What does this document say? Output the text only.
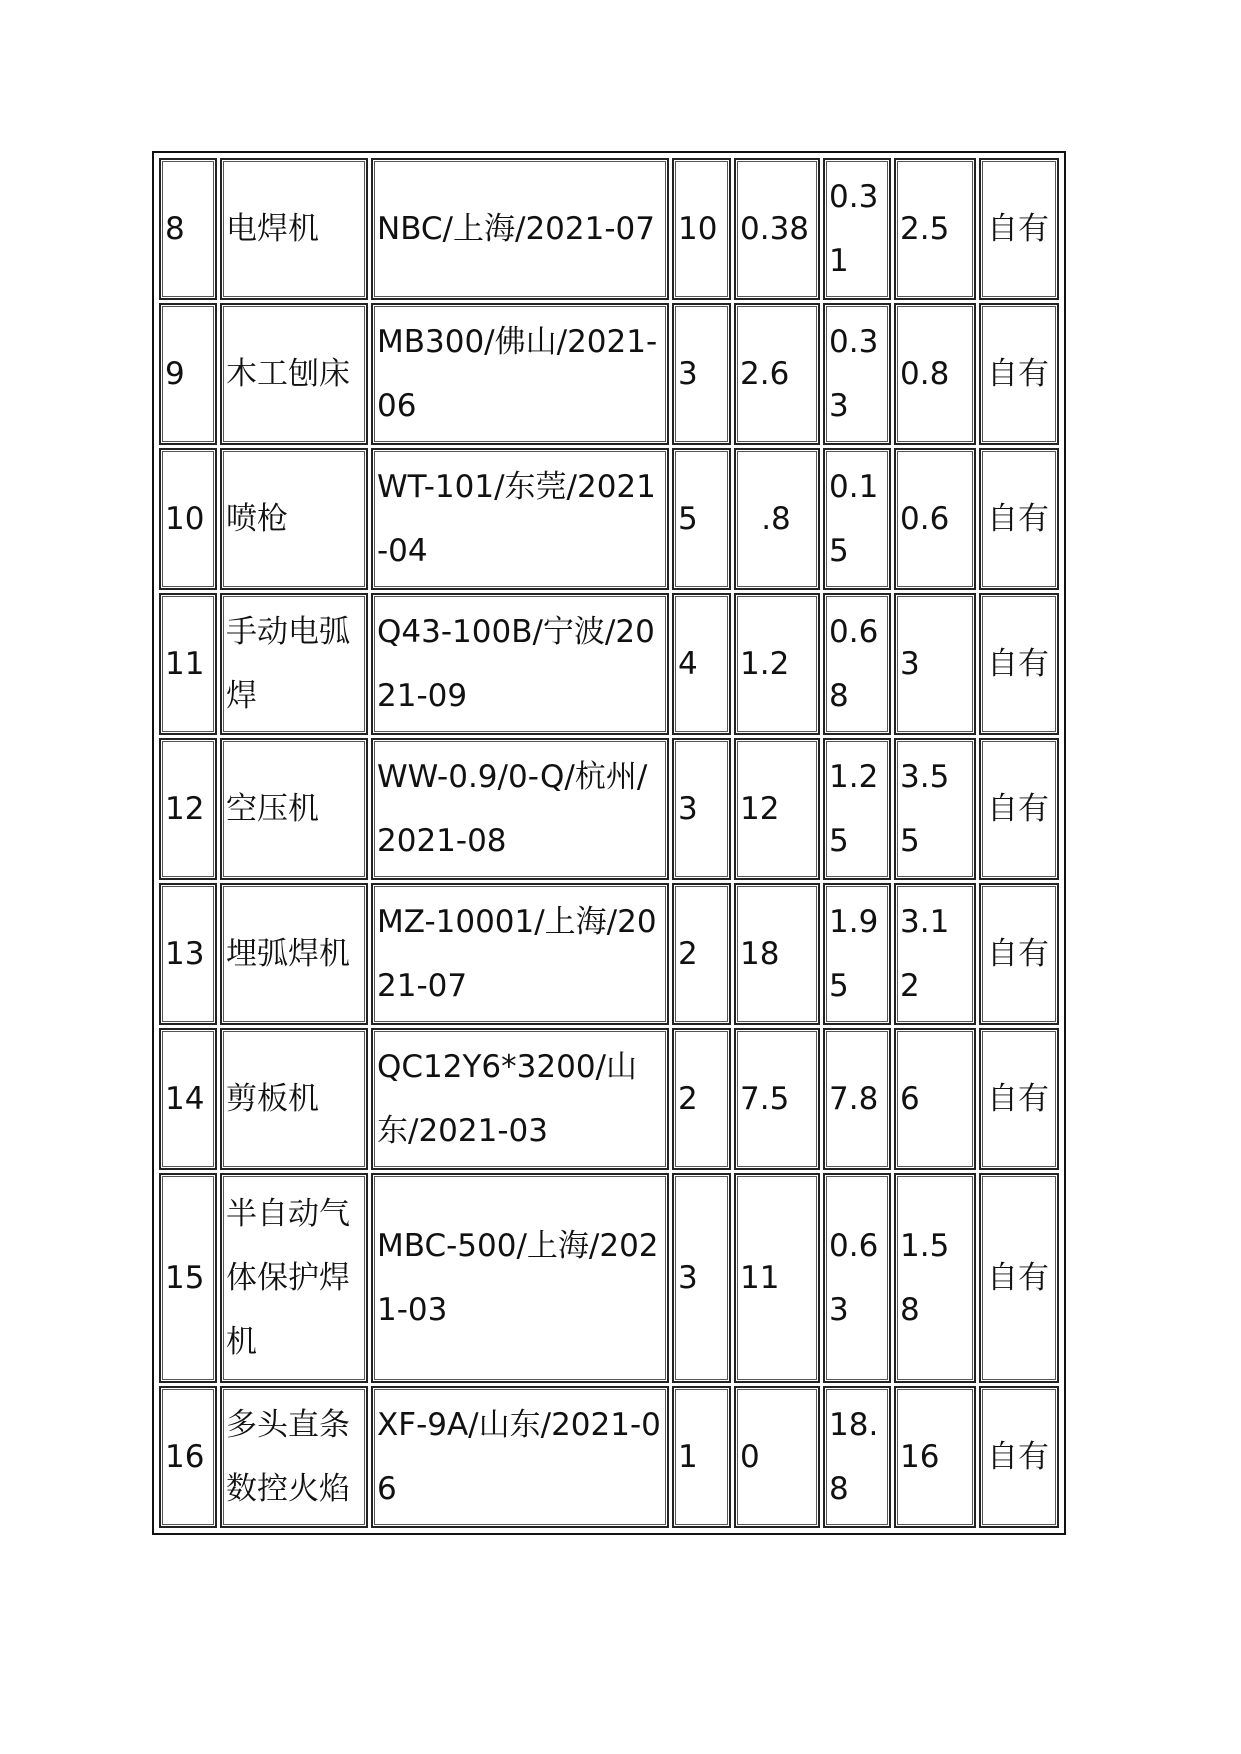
8	电焊机	NBC/上海/2021-07	10	0.38	0.31	2.5	自有
9	木工刨床	MB300/佛山/2021-06	3	2.6	0.33	0.8	自有
10	喷枪	WT-101/东莞/2021-04	5	.8	0.15	0.6	自有
11	手动电弧焊	Q43-100B/宁波/2021-09	4	1.2	0.68	3	自有
12	空压机	WW-0.9/0-Q/杭州/2021-08	3	12	1.25	3.55	自有
13	埋弧焊机	MZ-10001/上海/2021-07	2	18	1.95	3.12	自有
14	剪板机	QC12Y6*3200/山东/2021-03	2	7.5	7.8	6	自有
15	半自动气体保护焊机	MBC-500/上海/2021-03	3	11	0.63	1.58	自有
16	多头直条数控火焰	XF-9A/山东/2021-06	1	0	18.8	16	自有
